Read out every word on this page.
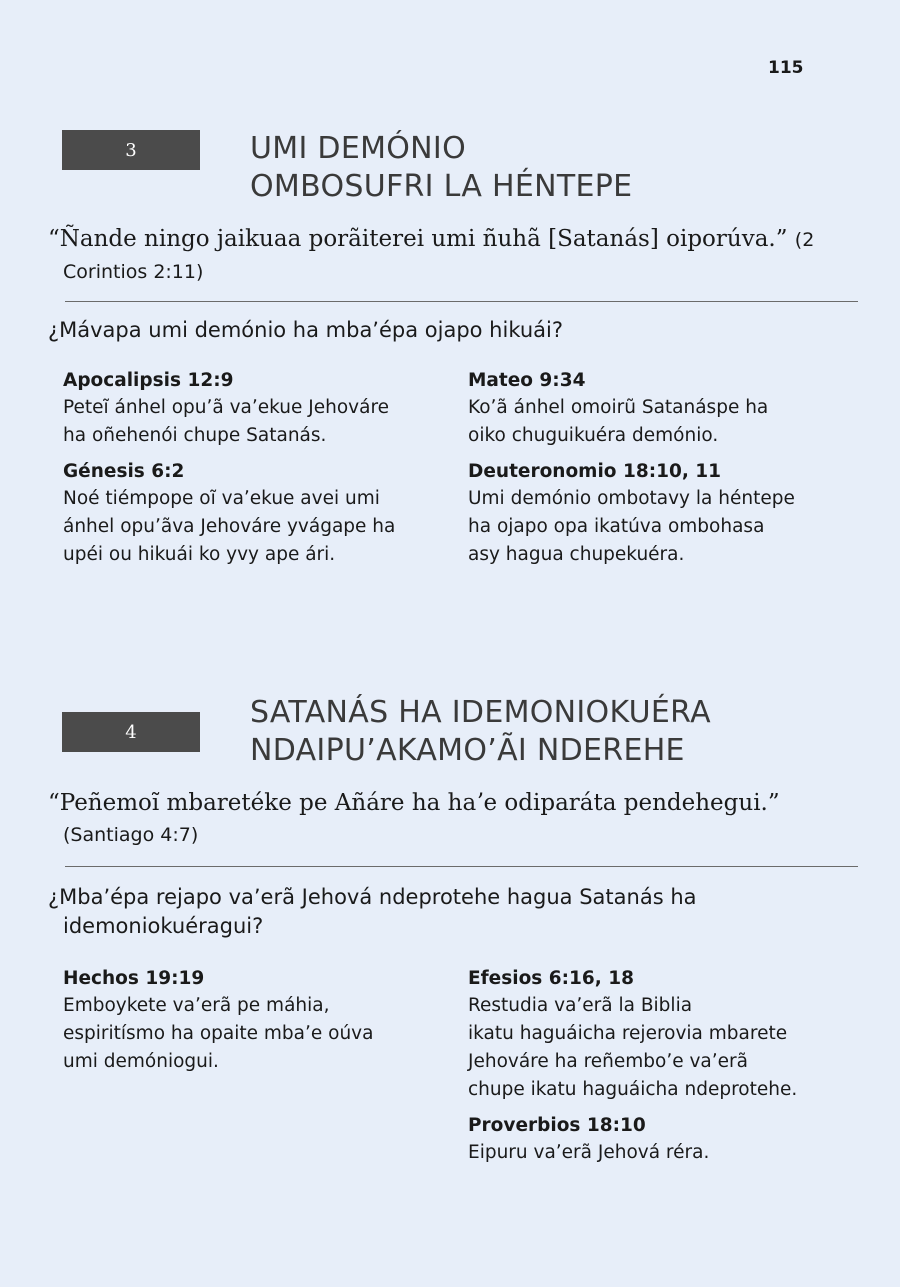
115
3	UMI DEMÓNIO
OMBOSUFRI LA HÉNTEPE
“Ñande ningo jaikuaa porãiterei umi ñuhã [Satanás] oiporúva.” (2 Corintios 2:11)
¿Mávapa umi demónio ha mbaʼépa ojapo hikuái?
Apocalipsis 12:9
Peteĩ ánhel opuʼã vaʼekue Jehováre
ha oñehenói chupe Satanás.
Génesis 6:2
Noé tiémpope oĩ vaʼekue avei umi
ánhel opuʼãva Jehováre yvágape ha
upéi ou hikuái ko yvy ape ári.
Mateo 9:34
Koʼã ánhel omoirũ Satanáspe ha
oiko chuguikuéra demónio.
Deuteronomio 18:10, 11
Umi demónio ombotavy la héntepe
ha ojapo opa ikatúva ombohasa
asy hagua chupekuéra.
4
SATANÁS HA IDEMONIOKUÉRA
NDAIPUʼAKAMOʼÃI NDEREHE
“Peñemoĩ mbaretéke pe Añáre ha haʼe odiparáta pendehegui.” (Santiago 4:7)
¿Mbaʼépa rejapo vaʼerã Jehová ndeprotehe hagua Satanás ha idemoniokuéragui?
Hechos 19:19
Emboykete vaʼerã pe máhia,
espiritísmo ha opaite mbaʼe oúva
umi demóniogui.
Efesios 6:16, 18
Restudia vaʼerã la Biblia
ikatu haguáicha rejerovia mbarete
Jehováre ha reñemboʼe vaʼerã
chupe ikatu haguáicha ndeprotehe.
Proverbios 18:10
Eipuru vaʼerã Jehová réra.
